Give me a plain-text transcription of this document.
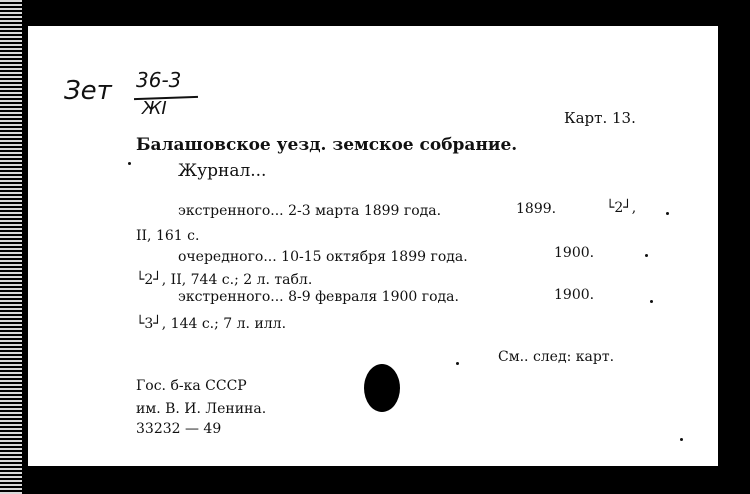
Зет 36-3
ЖІ	Карт. 13.
Балашовское уезд. земское собрание.
Журнал...
экстренного... 2-3 марта 1899 года.	1899.	└2┘,
II, 161 с.
очередного... 10-15 октября 1899 года.	1900.
└2┘, II, 744 с.; 2 л. табл.
экстренного... 8-9 февраля 1900 года.	1900.
└3┘, 144 с.; 7 л. илл.
См.. след: карт.
Гос. б-ка СССР
им. В. И. Ленина.
33232 — 49
